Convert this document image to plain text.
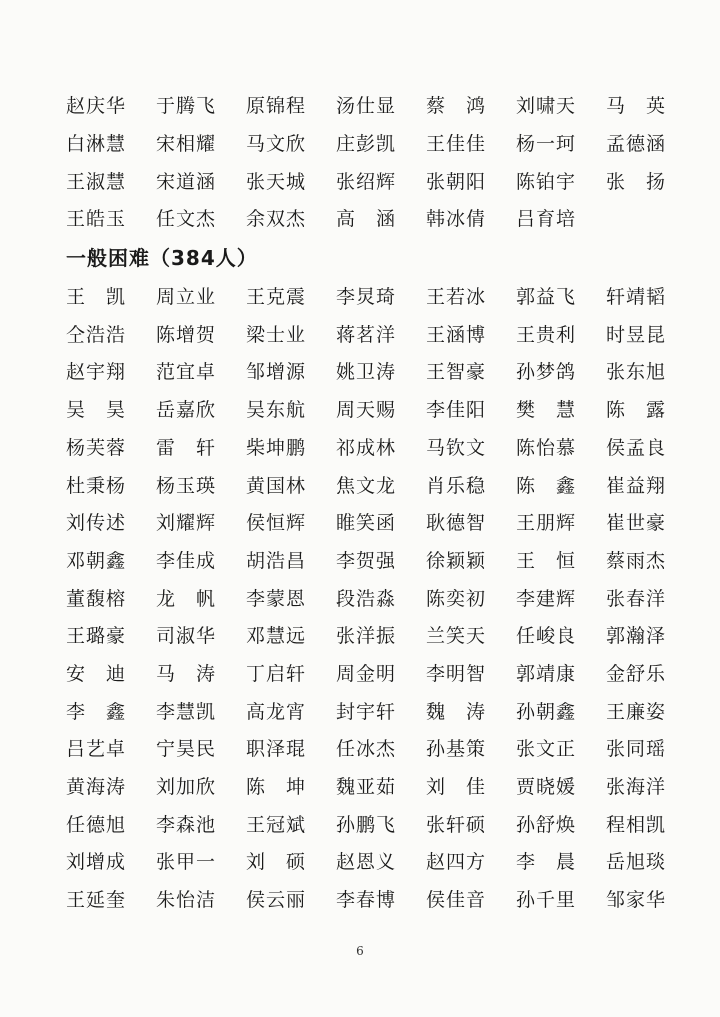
赵庆华	于腾飞	原锦程	汤仕显	蔡　鸿	刘啸天	马　英
白淋慧	宋相耀	马文欣	庄彭凯	王佳佳	杨一珂	孟德涵
王淑慧	宋道涵	张天城	张绍辉	张朝阳	陈铂宇	张　扬
王皓玉	任文杰	余双杰	高　涵	韩冰倩	吕育培
一般困难（384人）
王　凯	周立业	王克震	李炅琦	王若冰	郭益飞	轩靖韬
仝浩浩	陈增贺	梁士业	蒋茗洋	王涵博	王贵利	时昱昆
赵宇翔	范宜卓	邹增源	姚卫涛	王智豪	孙梦鸽	张东旭
吴　昊	岳嘉欣	吴东航	周天赐	李佳阳	樊　慧	陈　露
杨芙蓉	雷　轩	柴坤鹏	祁成林	马钦文	陈怡慕	侯孟良
杜秉杨	杨玉瑛	黄国林	焦文龙	肖乐稳	陈　鑫	崔益翔
刘传述	刘耀辉	侯恒辉	睢笑函	耿德智	王朋辉	崔世豪
邓朝鑫	李佳成	胡浩昌	李贺强	徐颖颖	王　恒	蔡雨杰
董馥榕	龙　帆	李蒙恩	段浩淼	陈奕初	李建辉	张春洋
王璐豪	司淑华	邓慧远	张洋振	兰笑天	任峻良	郭瀚泽
安　迪	马　涛	丁启轩	周金明	李明智	郭靖康	金舒乐
李　鑫	李慧凯	高龙宵	封宇轩	魏　涛	孙朝鑫	王廉姿
吕艺卓	宁昊民	职泽琨	任冰杰	孙基策	张文正	张同瑶
黄海涛	刘加欣	陈　坤	魏亚茹	刘　佳	贾晓媛	张海洋
任德旭	李森池	王冠斌	孙鹏飞	张轩硕	孙舒焕	程相凯
刘增成	张甲一	刘　硕	赵恩义	赵四方	李　晨	岳旭琰
王延奎	朱怡洁	侯云丽	李春博	侯佳音	孙千里	邹家华
6
